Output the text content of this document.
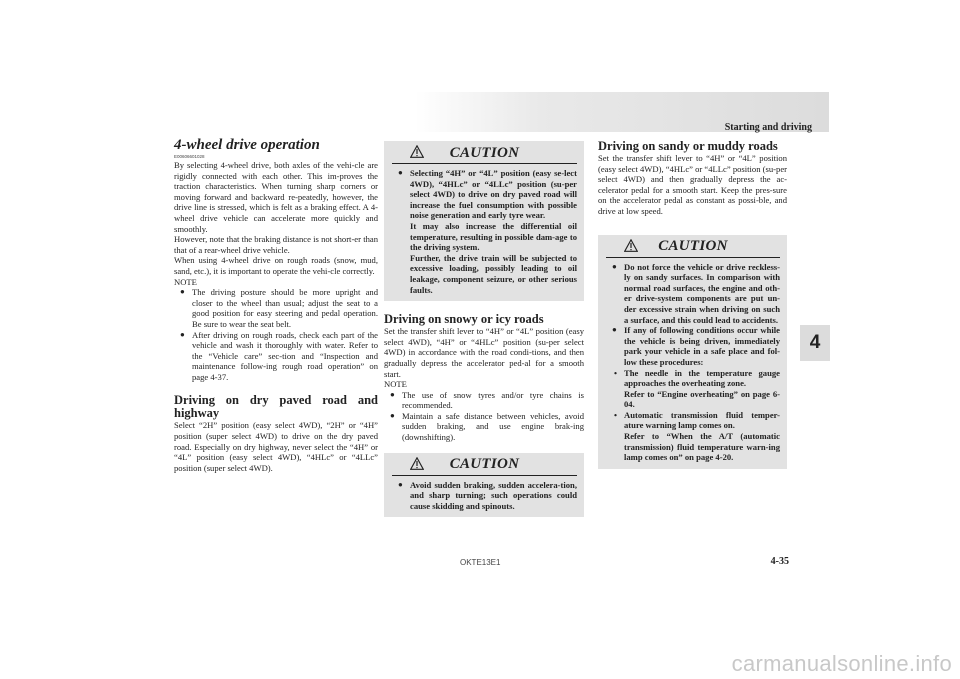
Starting and driving

4-wheel drive operation

E00606601028

By selecting 4-wheel drive, both axles of the vehi-cle are rigidly connected with each other. This im-proves the traction characteristics. When turning sharp corners or moving forward and backward re-peatedly, however, the drive line is stressed, which is felt as a braking effect. A 4-wheel drive vehicle can accelerate more quickly and smoothly.

However, note that the braking distance is not short-er than that of a rear-wheel drive vehicle.

When using 4-wheel drive on rough roads (snow, mud, sand, etc.), it is important to operate the vehi-cle correctly.

NOTE

● The driving posture should be more upright and closer to the wheel than usual; adjust the seat to a good position for easy steering and pedal operation. Be sure to wear the seat belt.

● After driving on rough roads, check each part of the vehicle and wash it thoroughly with water. Refer to the “Vehicle care” sec-tion and “Inspection and maintenance follow-ing rough road operation” on page 4-37.

Driving on dry paved road and highway

Select “2H” position (easy select 4WD), “2H” or “4H” position (super select 4WD) to drive on the dry paved road. Especially on dry highway, never select the “4H” or “4L” position (easy select 4WD), “4HLc” or “4LLc” position (super select 4WD).

CAUTION

● Selecting “4H” or “4L” position (easy se-lect 4WD), “4HLc” or “4LLc” position (su-per select 4WD) to drive on dry paved road will increase the fuel consumption with possible noise generation and early tyre wear.

It may also increase the differential oil temperature, resulting in possible dam-age to the driving system.

Further, the drive train will be subjected to excessive loading, possibly leading to oil leakage, component seizure, or other serious faults.

Driving on snowy or icy roads

Set the transfer shift lever to “4H” or “4L” position (easy select 4WD), “4H” or “4HLc” position (su-per select 4WD) in accordance with the road condi-tions, and then gradually depress the accelerator ped-al for a smooth start.

NOTE

● The use of snow tyres and/or tyre chains is recommended.

● Maintain a safe distance between vehicles, avoid sudden braking, and use engine brak-ing (downshifting).

CAUTION

● Avoid sudden braking, sudden accelera-tion, and sharp turning; such operations could cause skidding and spinouts.

Driving on sandy or muddy roads

Set the transfer shift lever to “4H” or “4L” position (easy select 4WD), “4HLc” or “4LLc” position (su-per select 4WD) and then gradually depress the ac-celerator pedal for a smooth start. Keep the pres-sure on the accelerator pedal as constant as possi-ble, and drive at low speed.

CAUTION

● Do not force the vehicle or drive reckless-ly on sandy surfaces. In comparison with normal road surfaces, the engine and oth-er drive-system components are put un-der excessive strain when driving on such a surface, and this could lead to accidents.

● If any of following conditions occur while the vehicle is being driven, immediately park your vehicle in a safe place and fol-low these procedures:

• The needle in the temperature gauge approaches the overheating zone.

Refer to “Engine overheating” on page 6-04.

• Automatic transmission fluid temper-ature warning lamp comes on.

Refer to “When the A/T (automatic transmission) fluid temperature warn-ing lamp comes on” on page 4-20.

4
OKTE13E1	4-35
carmanualsonline.info
